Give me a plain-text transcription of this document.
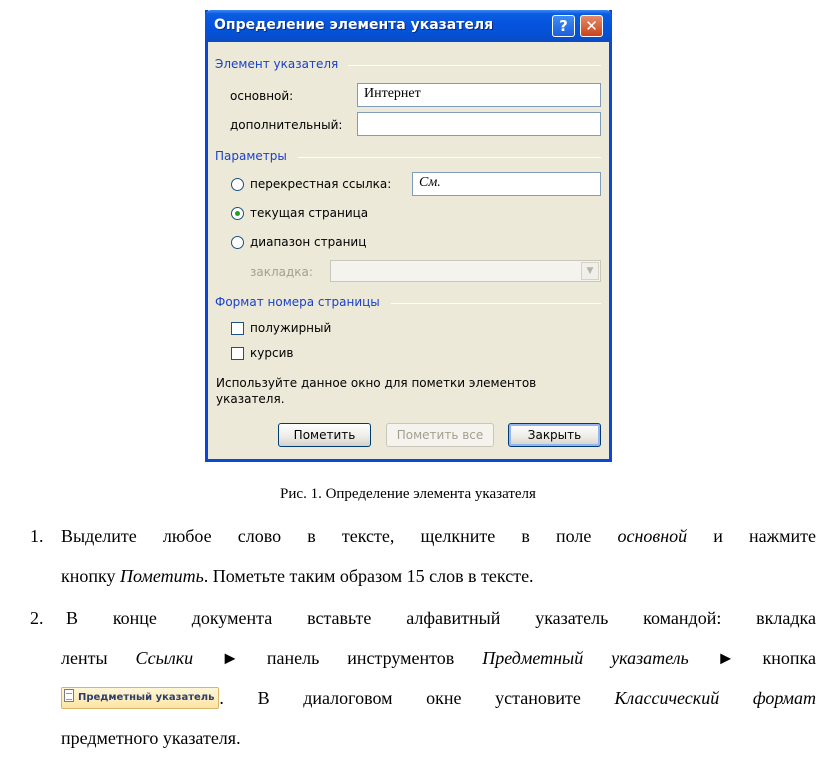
Определение элемента указателя	? ✕
Элемент указателя
основной:	Интернет
дополнительный:
Параметры
перекрестная ссылка:	См.
текущая страница
диапазон страниц
закладка:	▼
Формат номера страницы
полужирный
курсив
Используйте данное окно для пометки элементов
указателя.
Пометить	Пометить все	Закрыть
Рис. 1. Определение элемента указателя
1. Выделите любое слово в тексте, щелкните в поле основной и нажмите
кнопку Пометить. Пометьте таким образом 15 слов в тексте.
2. В конце документа вставьте алфавитный указатель командой: вкладка
ленты Ссылки ► панель инструментов Предметный указатель ► кнопка
Предметный указатель . В диалоговом окне установите Классический формат
предметного указателя.
